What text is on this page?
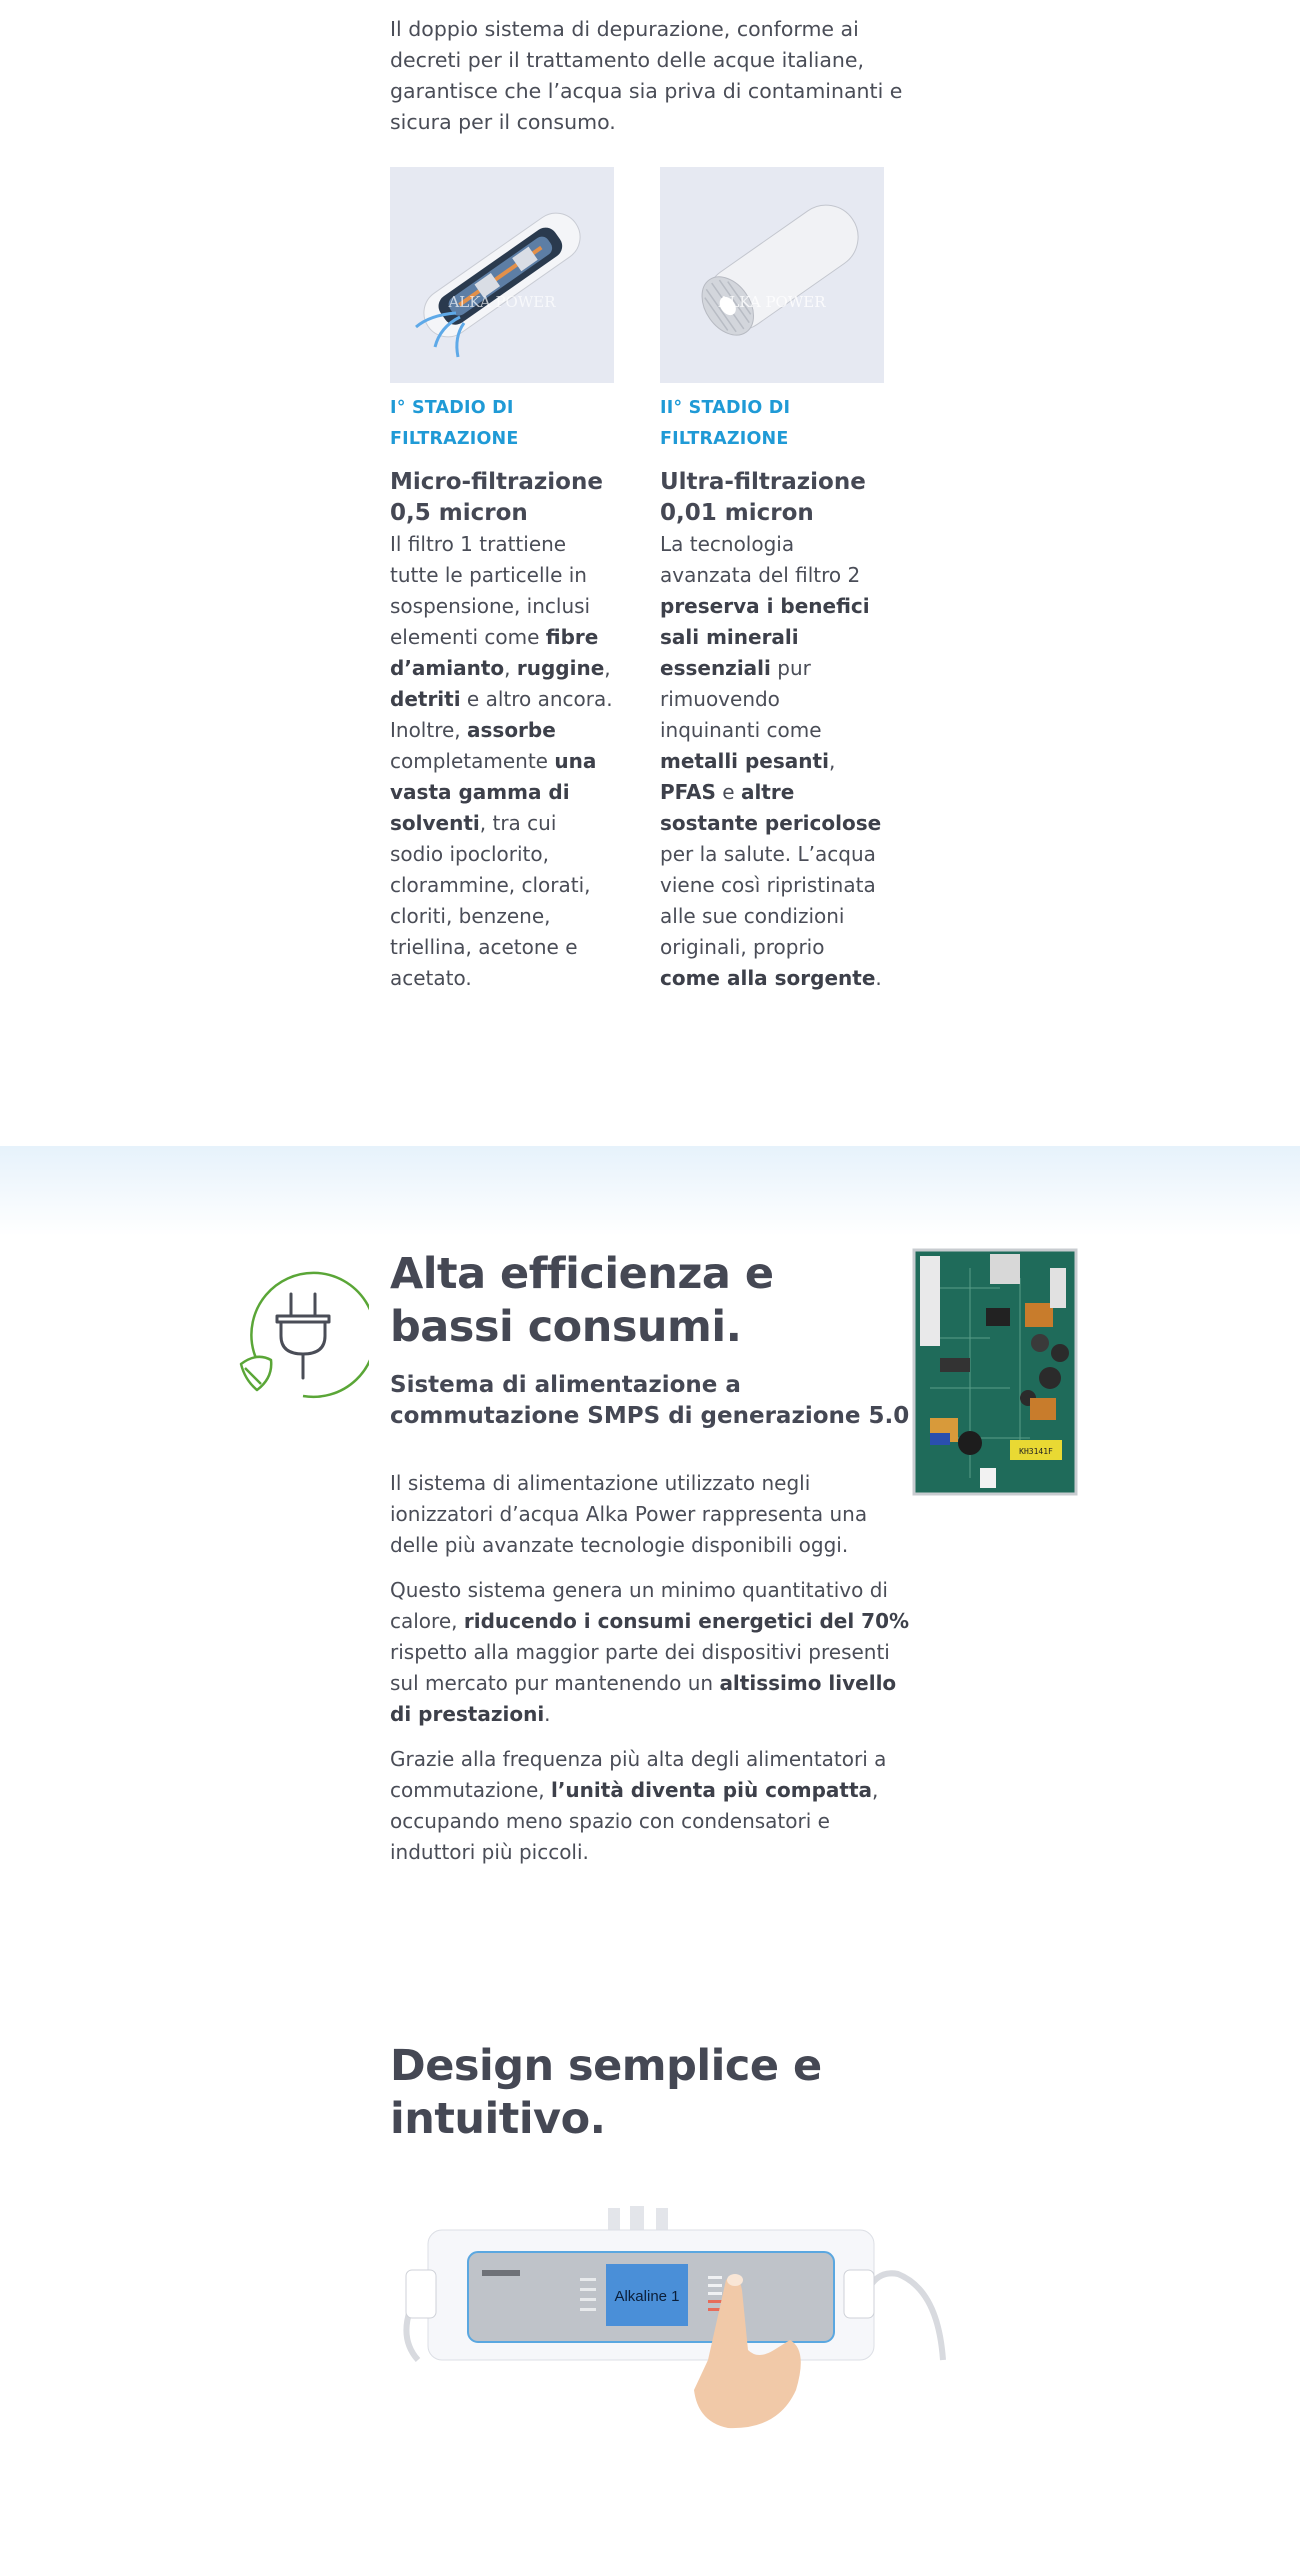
Il doppio sistema di depurazione, conforme ai decreti per il trattamento delle acque italiane, garantisce che l’acqua sia priva di contaminanti e sicura per il consumo.
ALKA POWER
I° STADIO DI FILTRAZIONE
Micro-filtrazione 0,5 micron
Il filtro 1 trattiene tutte le particelle in sospensione, inclusi elementi come fibre d’amianto, ruggine, detriti e altro ancora. Inoltre, assorbe completamente una vasta gamma di solventi, tra cui sodio ipoclorito, clorammine, clorati, cloriti, benzene, triellina, acetone e acetato.
ALKA POWER
II° STADIO DI FILTRAZIONE
Ultra-filtrazione 0,01 micron
La tecnologia avanzata del filtro 2 preserva i benefici sali minerali essenziali pur rimuovendo inquinanti come metalli pesanti, PFAS e altre sostante pericolose per la salute. L’acqua viene così ripristinata alle sue condizioni originali, proprio come alla sorgente.
Alta efficienza e bassi consumi.
Sistema di alimentazione a commutazione SMPS di generazione 5.0
Il sistema di alimentazione utilizzato negli ionizzatori d’acqua Alka Power rappresenta una delle più avanzate tecnologie disponibili oggi.
Questo sistema genera un minimo quantitativo di calore, riducendo i consumi energetici del 70% rispetto alla maggior parte dei dispositivi presenti sul mercato pur mantenendo un altissimo livello di prestazioni.
Grazie alla frequenza più alta degli alimentatori a commutazione, l’unità diventa più compatta, occupando meno spazio con condensatori e induttori più piccoli.
KH3141F
Design semplice e intuitivo.
Alkaline 1
